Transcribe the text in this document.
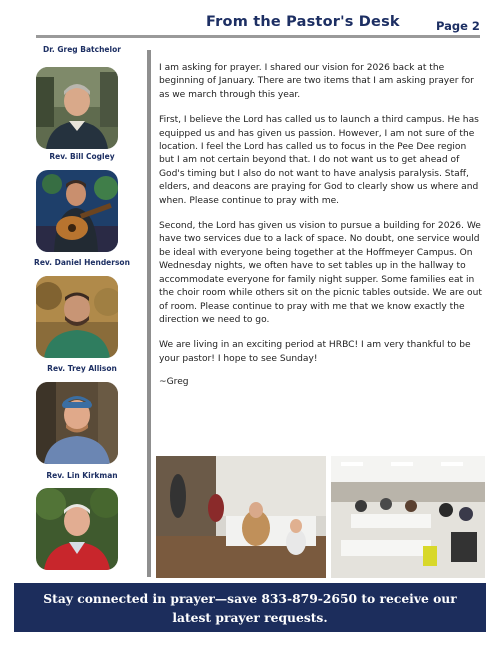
From the Pastor's Desk	Page 2
Dr. Greg Batchelor
Rev. Bill Cogley
Rev. Daniel Henderson
Rev. Trey Allison
Rev. Lin Kirkman

I am asking for prayer. I shared our vision for 2026 back at the beginning of January. There are two items that I am asking prayer for as we march through this year.

First, I believe the Lord has called us to launch a third campus. He has equipped us and has given us passion. However, I am not sure of the location. I feel the Lord has called us to focus in the Pee Dee region but I am not certain beyond that. I do not want us to get ahead of God's timing but I also do not want to have analysis paralysis. Staff, elders, and deacons are praying for God to clearly show us where and when. Please continue to pray with me.

Second, the Lord has given us vision to pursue a building for 2026. We have two services due to a lack of space. No doubt, one service would be ideal with everyone being together at the Hoffmeyer Campus. On Wednesday nights, we often have to set tables up in the hallway to accommodate everyone for family night supper. Some families eat in the choir room while others sit on the picnic tables outside. We are out of room. Please continue to pray with me that we know exactly the direction we need to go.

We are living in an exciting period at HRBC! I am very thankful to be your pastor! I hope to see Sunday!

~Greg

Stay connected in prayer—save 833-879-2650 to receive our latest prayer requests.
